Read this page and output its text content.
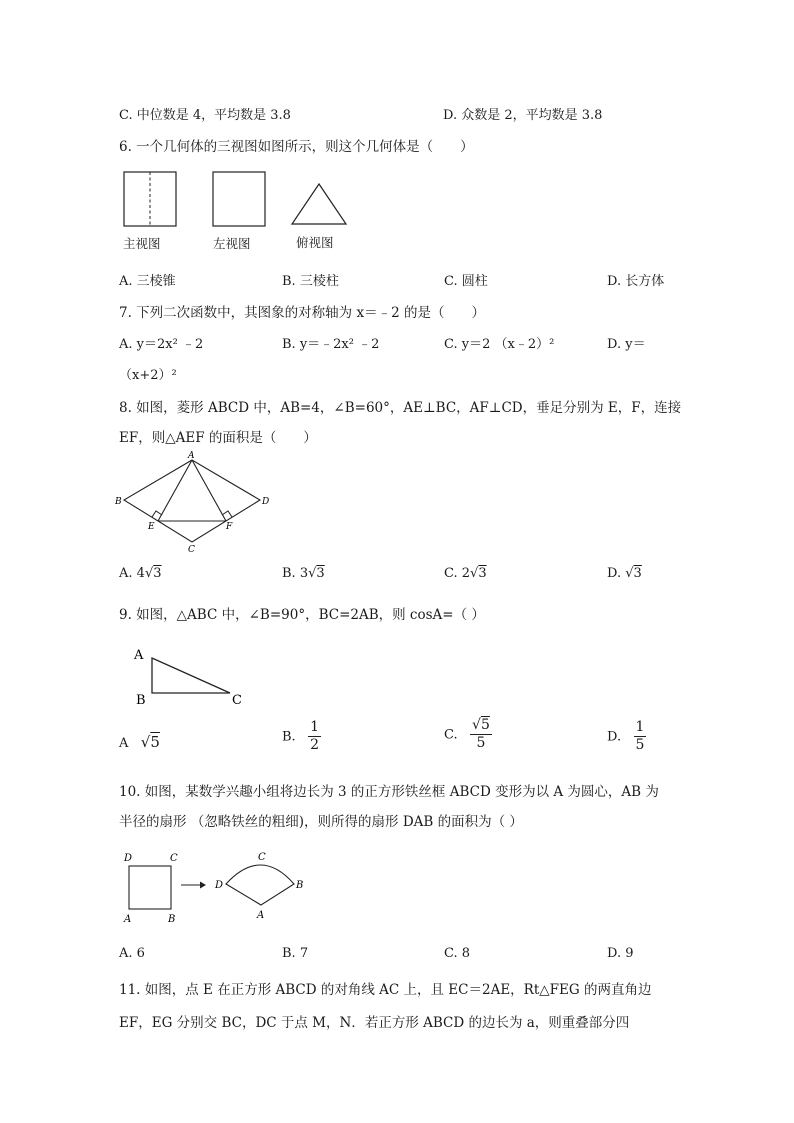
C. 中位数是 4，平均数是 3.8	D. 众数是 2，平均数是 3.8
6. 一个几何体的三视图如图所示，则这个几何体是（　　）
主视图	左视图	俯视图
A. 三棱锥	B. 三棱柱	C. 圆柱	D. 长方体
7. 下列二次函数中，其图象的对称轴为 x＝﹣2 的是（　　）
A. y＝2x² ﹣2	B. y＝﹣2x² ﹣2	C. y＝2 （x﹣2）²	D. y＝
（x+2）²
8. 如图，菱形 ABCD 中，AB=4，∠B=60°，AE⊥BC，AF⊥CD，垂足分别为 E，F，连接
EF，则△AEF 的面积是（　　）
A
B
C
D
E	F
A. 4√3	B. 3√3	C. 2√3	D. √3
9. 如图，△ABC 中，∠B=90°，BC=2AB，则 cosA=（ ）
A
B	C
A √5	B. $\frac{1}{2}$	C. $\frac{√5}{5}$	D. $\frac{1}{5}$
10. 如图，某数学兴趣小组将边长为 3 的正方形铁丝框 ABCD 变形为以 A 为圆心，AB 为
半径的扇形 （忽略铁丝的粗细)，则所得的扇形 DAB 的面积为（ ）
D	C
A	B
D
C
B
A
A. 6	B. 7	C. 8	D. 9
11. 如图，点 E 在正方形 ABCD 的对角线 AC 上，且 EC＝2AE，Rt△FEG 的两直角边
EF，EG 分别交 BC，DC 于点 M，N．若正方形 ABCD 的边长为 a，则重叠部分四
